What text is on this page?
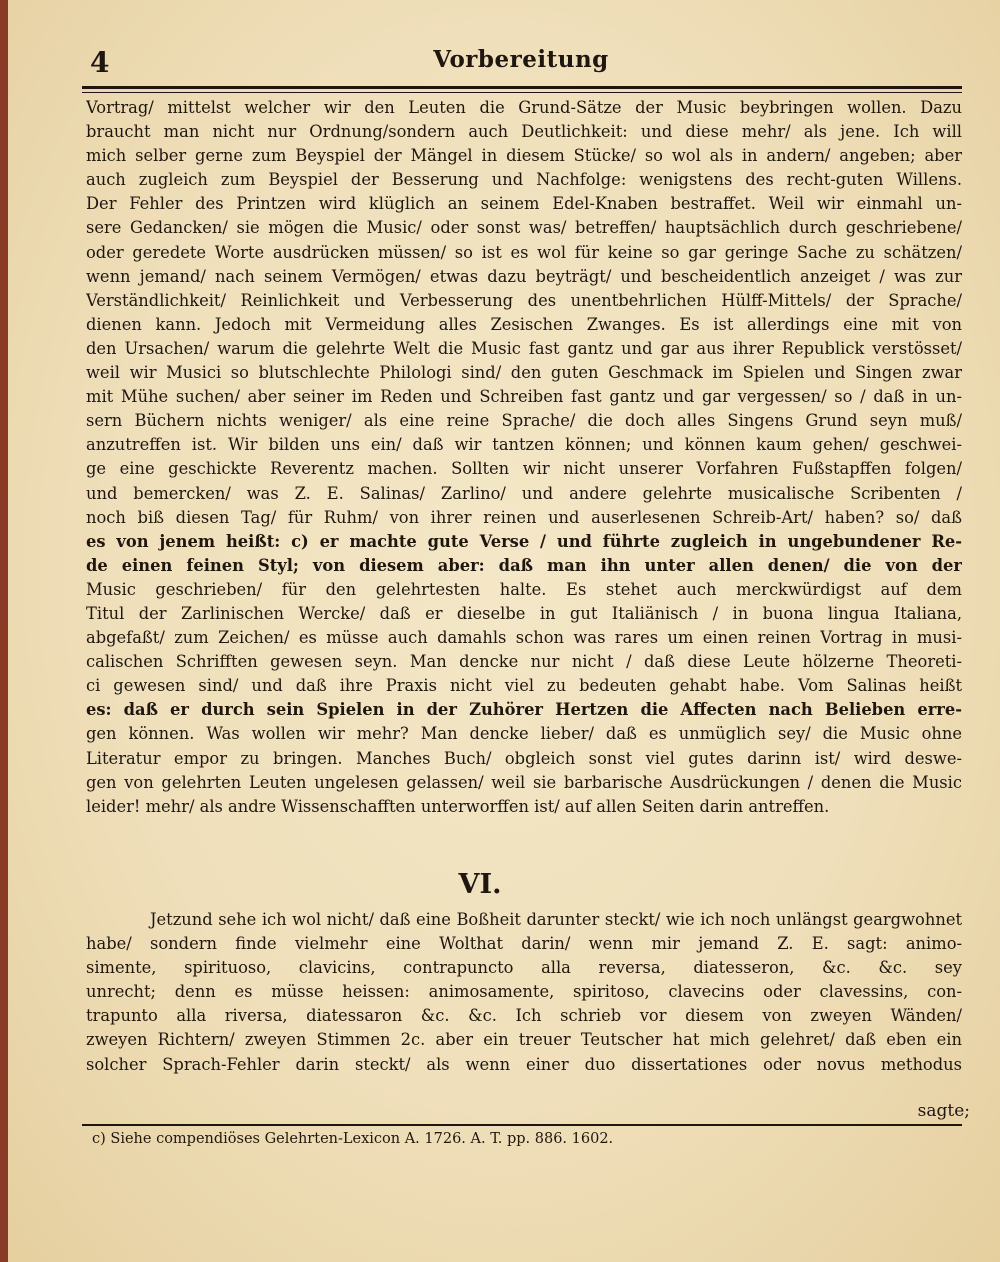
4	Vorbereitung
Vortrag/ mittelst welcher wir den Leuten die Grund-Sätze der Music beybringen wollen. Dazu
braucht man nicht nur Ordnung/sondern auch Deutlichkeit: und diese mehr/ als jene. Ich will
mich selber gerne zum Beyspiel der Mängel in diesem Stücke/ so wol als in andern/ angeben; aber
auch zugleich zum Beyspiel der Besserung und Nachfolge: wenigstens des recht-guten Willens.
Der Fehler des Printzen wird klüglich an seinem Edel-Knaben bestraffet. Weil wir einmahl un-
sere Gedancken/ sie mögen die Music/ oder sonst was/ betreffen/ hauptsächlich durch geschriebene/
oder geredete Worte ausdrücken müssen/ so ist es wol für keine so gar geringe Sache zu schätzen/
wenn jemand/ nach seinem Vermögen/ etwas dazu beyträgt/ und bescheidentlich anzeiget / was zur
Verständlichkeit/ Reinlichkeit und Verbesserung des unentbehrlichen Hülff-Mittels/ der Sprache/
dienen kann. Jedoch mit Vermeidung alles Zesischen Zwanges. Es ist allerdings eine mit von
den Ursachen/ warum die gelehrte Welt die Music fast gantz und gar aus ihrer Republick verstösset/
weil wir Musici so blutschlechte Philologi sind/ den guten Geschmack im Spielen und Singen zwar
mit Mühe suchen/ aber seiner im Reden und Schreiben fast gantz und gar vergessen/ so / daß in un-
sern Büchern nichts weniger/ als eine reine Sprache/ die doch alles Singens Grund seyn muß/
anzutreffen ist. Wir bilden uns ein/ daß wir tantzen können; und können kaum gehen/ geschwei-
ge eine geschickte Reverentz machen. Sollten wir nicht unserer Vorfahren Fußstapffen folgen/
und bemercken/ was Z. E. Salinas/ Zarlino/ und andere gelehrte musicalische Scribenten /
noch biß diesen Tag/ für Ruhm/ von ihrer reinen und auserlesenen Schreib-Art/ haben? so/ daß
es von jenem heißt: c) er machte gute Verse / und führte zugleich in ungebundener Re-
de einen feinen Styl; von diesem aber: daß man ihn unter allen denen/ die von der
Music geschrieben/ für den gelehrtesten halte. Es stehet auch merckwürdigst auf dem
Titul der Zarlinischen Wercke/ daß er dieselbe in gut Italiänisch / in buona lingua Italiana,
abgefaßt/ zum Zeichen/ es müsse auch damahls schon was rares um einen reinen Vortrag in musi-
calischen Schrifften gewesen seyn. Man dencke nur nicht / daß diese Leute hölzerne Theoreti-
ci gewesen sind/ und daß ihre Praxis nicht viel zu bedeuten gehabt habe. Vom Salinas heißt
es: daß er durch sein Spielen in der Zuhörer Hertzen die Affecten nach Belieben erre-
gen können. Was wollen wir mehr? Man dencke lieber/ daß es unmüglich sey/ die Music ohne
Literatur empor zu bringen. Manches Buch/ obgleich sonst viel gutes darinn ist/ wird deswe-
gen von gelehrten Leuten ungelesen gelassen/ weil sie barbarische Ausdrückungen / denen die Music
leider! mehr/ als andre Wissenschafften unterworffen ist/ auf allen Seiten darin antreffen.
VI.
Jetzund sehe ich wol nicht/ daß eine Boßheit darunter steckt/ wie ich noch unlängst geargwohnet
habe/ sondern finde vielmehr eine Wolthat darin/ wenn mir jemand Z. E. sagt: animo-
simente, spirituoso, clavicins, contrapuncto alla reversa, diatesseron, &c. &c. sey
unrecht; denn es müsse heissen: animosamente, spiritoso, clavecins oder clavessins, con-
trapunto alla riversa, diatessaron &c. &c. Ich schrieb vor diesem von zweyen Wänden/
zweyen Richtern/ zweyen Stimmen 2c. aber ein treuer Teutscher hat mich gelehret/ daß eben ein
solcher Sprach-Fehler darin steckt/ als wenn einer duo dissertationes oder novus methodus
sagte;
c) Siehe compendiöses Gelehrten-Lexicon A. 1726. A. T. pp. 886. 1602.
